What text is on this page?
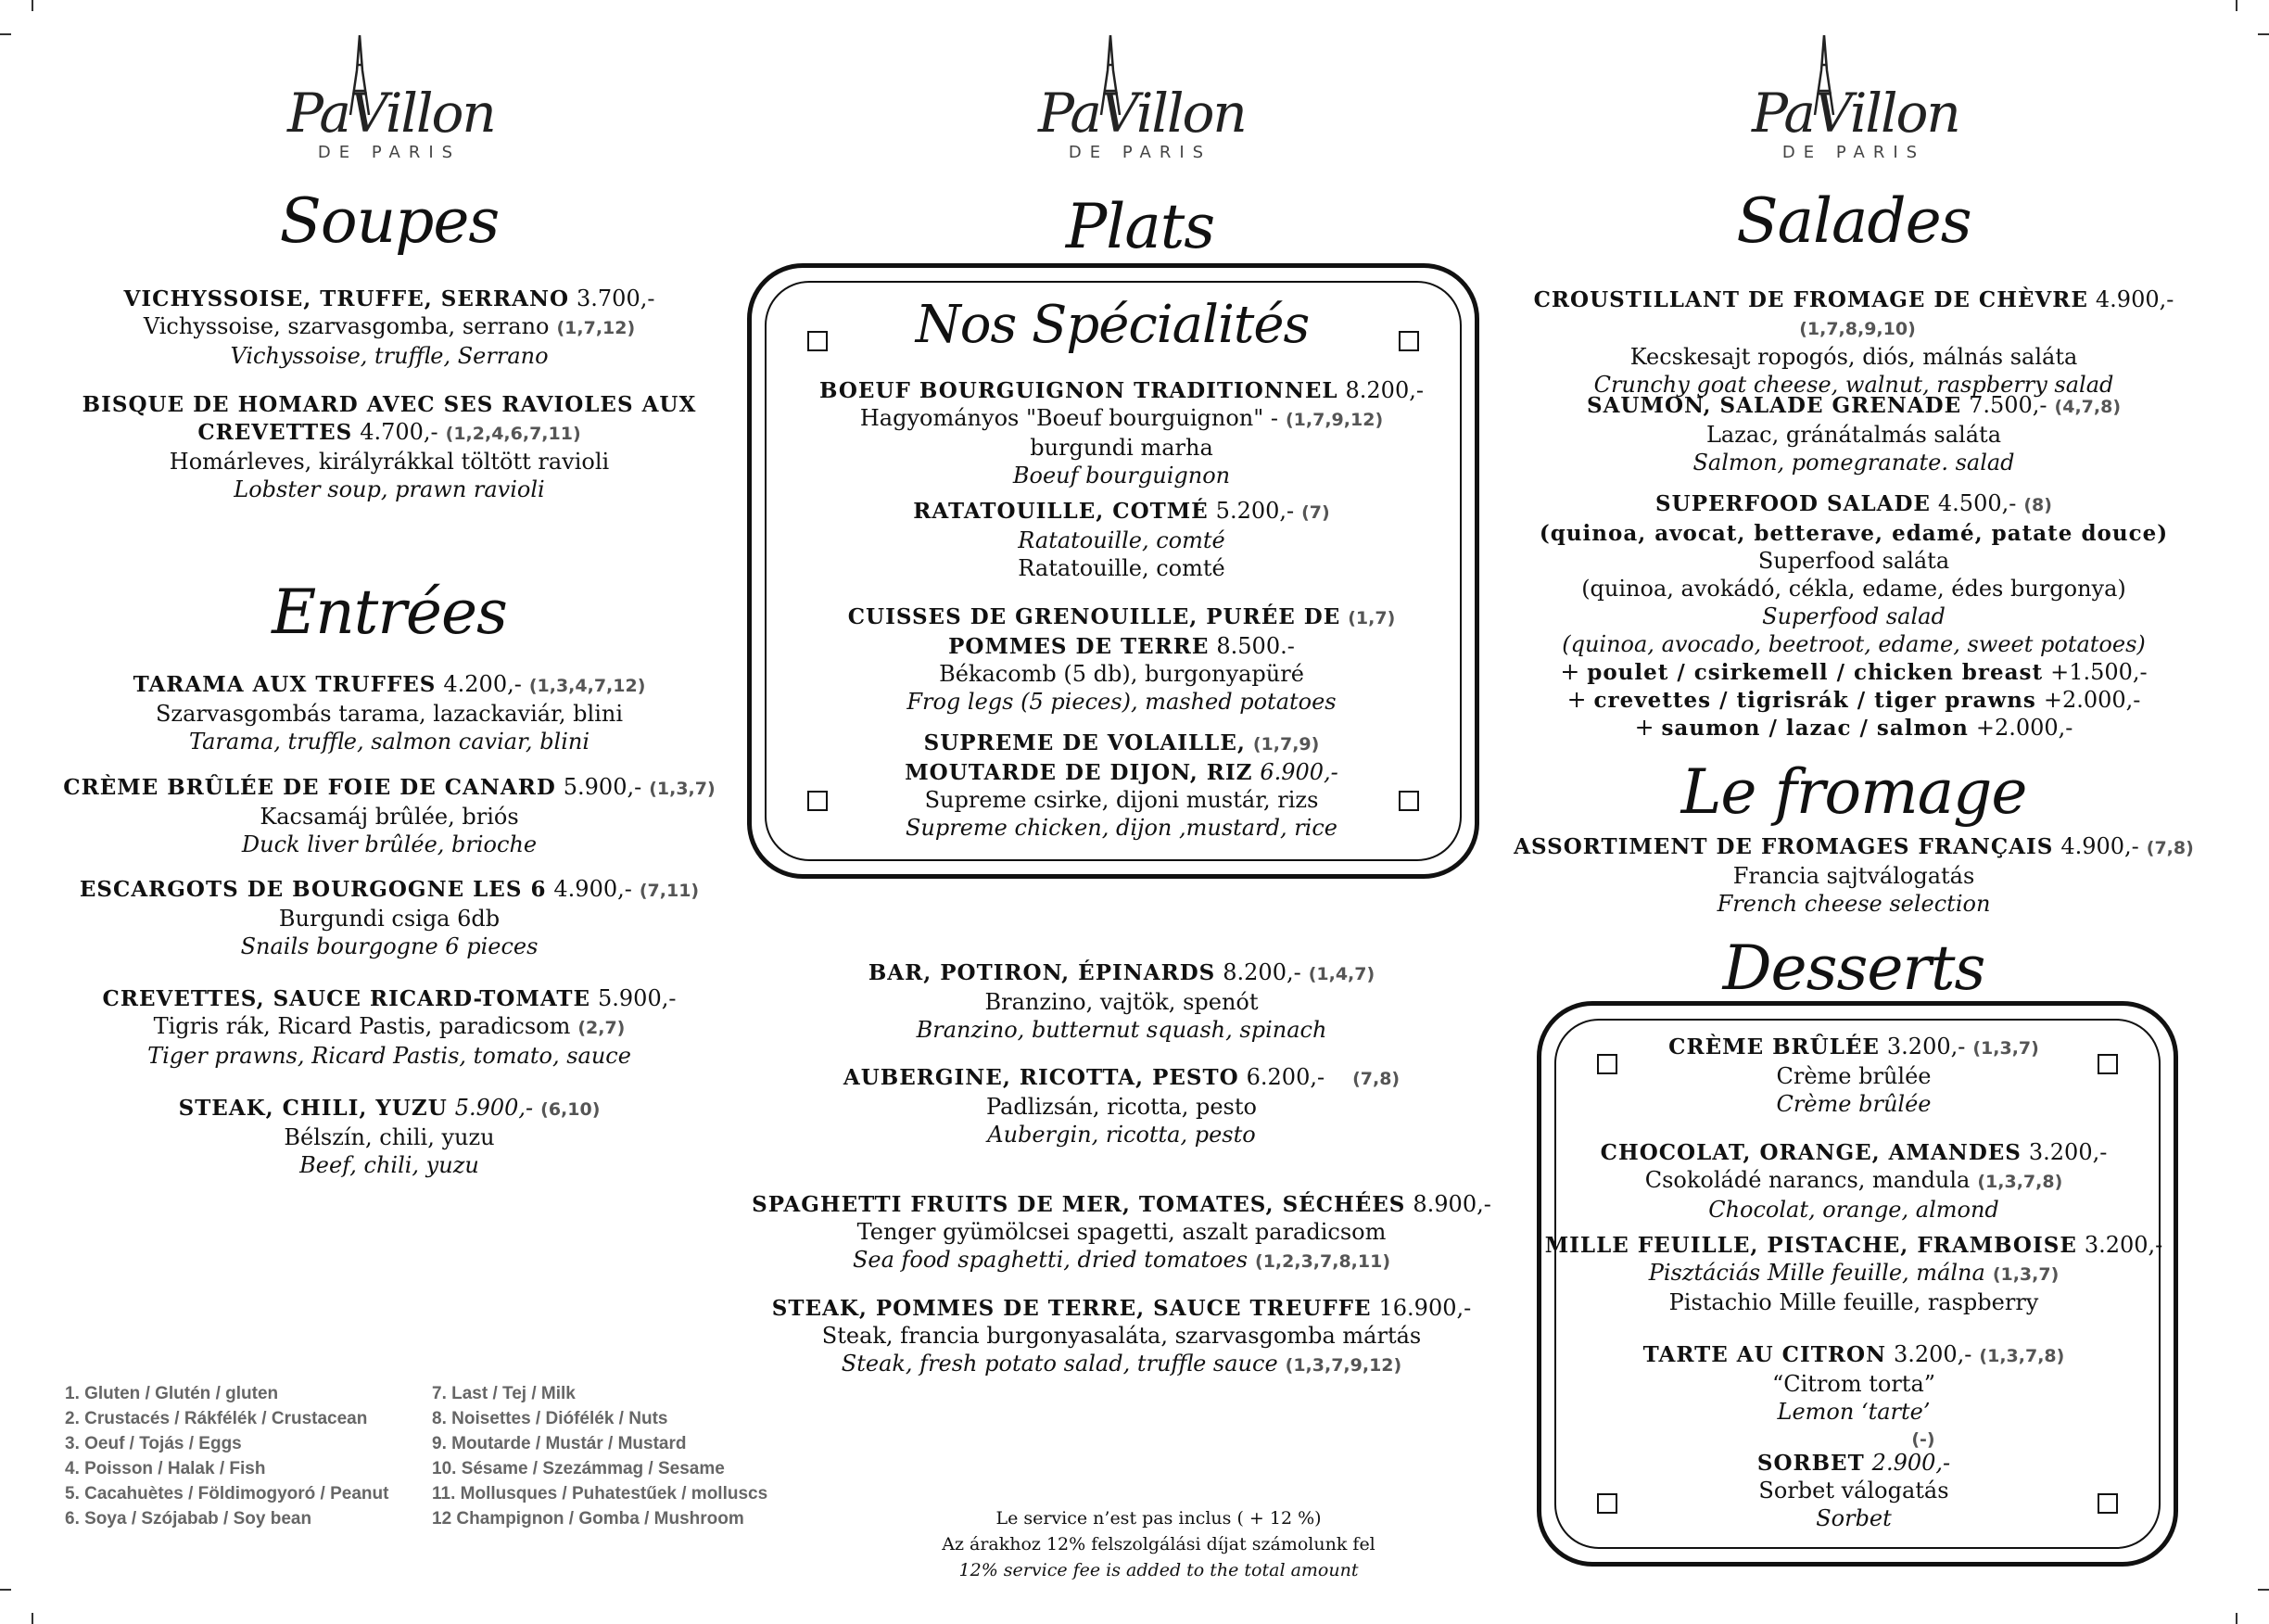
PaVillon
DE PARIS
Soupes
VICHYSSOISE, TRUFFE, SERRANO 3.700,-
Vichyssoise, szarvasgomba, serrano (1,7,12)
Vichyssoise, truffle, Serrano
BISQUE DE HOMARD AVEC SES RAVIOLES AUX
CREVETTES 4.700,- (1,2,4,6,7,11)
Homárleves, királyrákkal töltött ravioli
Lobster soup, prawn ravioli
Entrées
TARAMA AUX TRUFFES 4.200,- (1,3,4,7,12)
Szarvasgombás tarama, lazackaviár, blini
Tarama, truffle, salmon caviar, blini
CRÈME BRÛLÉE DE FOIE DE CANARD 5.900,- (1,3,7)
Kacsamáj brûlée, briós
Duck liver brûlée, brioche
ESCARGOTS DE BOURGOGNE LES 6 4.900,- (7,11)
Burgundi csiga 6db
Snails bourgogne 6 pieces
CREVETTES, SAUCE RICARD-TOMATE 5.900,-
Tigris rák, Ricard Pastis, paradicsom (2,7)
Tiger prawns, Ricard Pastis, tomato, sauce
STEAK, CHILI, YUZU 5.900,- (6,10)
Bélszín, chili, yuzu
Beef, chili, yuzu
1. Gluten / Glutén / gluten
2. Crustacés / Rákfélék / Crustacean
3. Oeuf / Tojás / Eggs
4. Poisson / Halak / Fish
5. Cacahuètes / Földimogyoró / Peanut
6. Soya / Szójabab / Soy bean
7. Last / Tej / Milk
8. Noisettes / Diófélék / Nuts
9. Moutarde / Mustár / Mustard
10. Sésame / Szezámmag / Sesame
11. Mollusques / Puhatestűek / molluscs
12 Champignon / Gomba / Mushroom
PaVillon
DE PARIS
Plats
Nos Spécialités
BOEUF BOURGUIGNON TRADITIONNEL 8.200,-
Hagyományos "Boeuf bourguignon" - (1,7,9,12)
burgundi marha
Boeuf bourguignon
RATATOUILLE, COTMÉ 5.200,- (7)
Ratatouille, comté
Ratatouille, comté
CUISSES DE GRENOUILLE, PURÉE DE (1,7)
POMMES DE TERRE 8.500.-
Békacomb (5 db), burgonyapüré
Frog legs (5 pieces), mashed potatoes
SUPREME DE VOLAILLE, (1,7,9)
MOUTARDE DE DIJON, RIZ 6.900,-
Supreme csirke, dijoni mustár, rizs
Supreme chicken, dijon ,mustard, rice
BAR, POTIRON, ÉPINARDS 8.200,- (1,4,7)
Branzino, vajtök, spenót
Branzino, butternut squash, spinach
AUBERGINE, RICOTTA, PESTO 6.200,- (7,8)
Padlizsán, ricotta, pesto
Aubergin, ricotta, pesto
SPAGHETTI FRUITS DE MER, TOMATES, SÉCHÉES 8.900,-
Tenger gyümölcsei spagetti, aszalt paradicsom
Sea food spaghetti, dried tomatoes (1,2,3,7,8,11)
STEAK, POMMES DE TERRE, SAUCE TREUFFE 16.900,-
Steak, francia burgonyasaláta, szarvasgomba mártás
Steak, fresh potato salad, truffle sauce (1,3,7,9,12)
Le service n’est pas inclus ( + 12 %)
Az árakhoz 12% felszolgálási díjat számolunk fel
12% service fee is added to the total amount
PaVillon
DE PARIS
Salades
CROUSTILLANT DE FROMAGE DE CHÈVRE 4.900,-(1,7,8,9,10)
Kecskesajt ropogós, diós, málnás saláta
Crunchy goat cheese, walnut, raspberry salad
SAUMON, SALADE GRENADE 7.500,- (4,7,8)
Lazac, gránátalmás saláta
Salmon, pomegranate. salad
SUPERFOOD SALADE 4.500,- (8)
(quinoa, avocat, betterave, edamé, patate douce)
Superfood saláta
(quinoa, avokádó, cékla, edame, édes burgonya)
Superfood salad
(quinoa, avocado, beetroot, edame, sweet potatoes)
+ poulet / csirkemell / chicken breast +1.500,-
+ crevettes / tigrisrák / tiger prawns +2.000,-
+ saumon / lazac / salmon +2.000,-
Le fromage
ASSORTIMENT DE FROMAGES FRANÇAIS 4.900,- (7,8)
Francia sajtválogatás
French cheese selection
Desserts
CRÈME BRÛLÉE 3.200,- (1,3,7)
Crème brûlée
Crème brûlée
CHOCOLAT, ORANGE, AMANDES 3.200,-
Csokoládé narancs, mandula (1,3,7,8)
Chocolat, orange, almond
MILLE FEUILLE, PISTACHE, FRAMBOISE 3.200,-
Pisztáciás Mille feuille, málna (1,3,7)
Pistachio Mille feuille, raspberry
TARTE AU CITRON 3.200,- (1,3,7,8)
“Citrom torta”
Lemon ‘tarte’
(-)
SORBET 2.900,-
Sorbet válogatás
Sorbet
